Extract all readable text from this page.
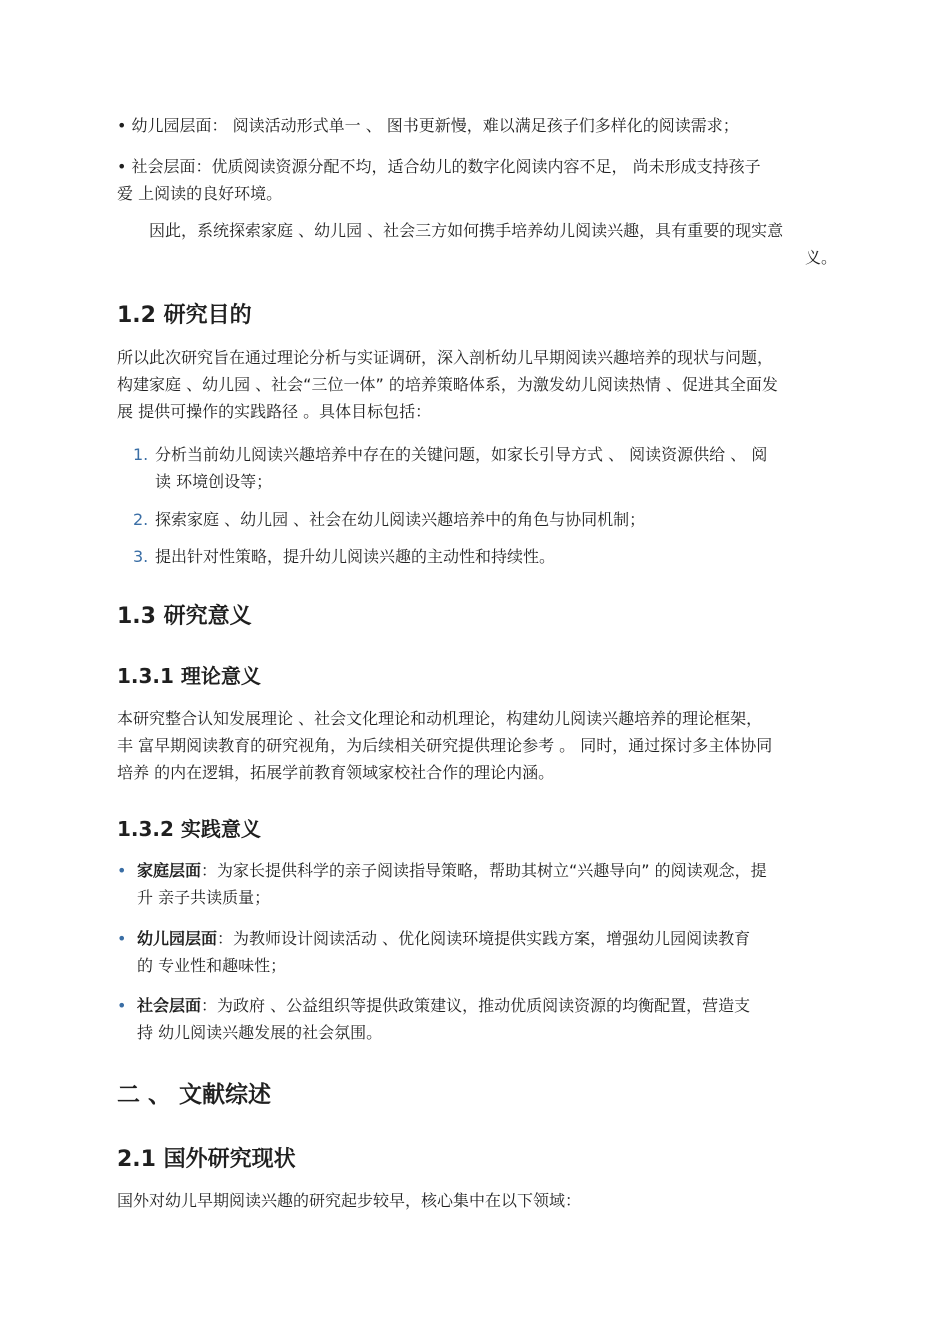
• 幼儿园层面： 阅读活动形式单一 、 图书更新慢，难以满足孩子们多样化的阅读需求；

• 社会层面：优质阅读资源分配不均，适合幼儿的数字化阅读内容不足， 尚未形成支持孩子

爱 上阅读的良好环境。

因此，系统探索家庭 、幼儿园 、社会三方如何携手培养幼儿阅读兴趣，具有重要的现实意

义。

1.2 研究目的

所以此次研究旨在通过理论分析与实证调研，深入剖析幼儿早期阅读兴趣培养的现状与问题，

构建家庭 、幼儿园 、社会“三位一体” 的培养策略体系，为激发幼儿阅读热情 、促进其全面发

展 提供可操作的实践路径 。具体目标包括：

1. 分析当前幼儿阅读兴趣培养中存在的关键问题，如家长引导方式 、 阅读资源供给 、 阅
读 环境创设等；
2. 探索家庭 、幼儿园 、社会在幼儿阅读兴趣培养中的角色与协同机制；
3. 提出针对性策略，提升幼儿阅读兴趣的主动性和持续性。
1.3 研究意义
1.3.1 理论意义

本研究整合认知发展理论 、社会文化理论和动机理论，构建幼儿阅读兴趣培养的理论框架，

丰 富早期阅读教育的研究视角，为后续相关研究提供理论参考 。 同时，通过探讨多主体协同

培养 的内在逻辑，拓展学前教育领域家校社合作的理论内涵。

1.3.2 实践意义
• 家庭层面：为家长提供科学的亲子阅读指导策略，帮助其树立“兴趣导向” 的阅读观念，提
升 亲子共读质量；
• 幼儿园层面：为教师设计阅读活动 、优化阅读环境提供实践方案，增强幼儿园阅读教育
的 专业性和趣味性；
• 社会层面：为政府 、公益组织等提供政策建议，推动优质阅读资源的均衡配置，营造支
持 幼儿阅读兴趣发展的社会氛围。
二 、 文献综述
2.1 国外研究现状
国外对幼儿早期阅读兴趣的研究起步较早，核心集中在以下领域：
